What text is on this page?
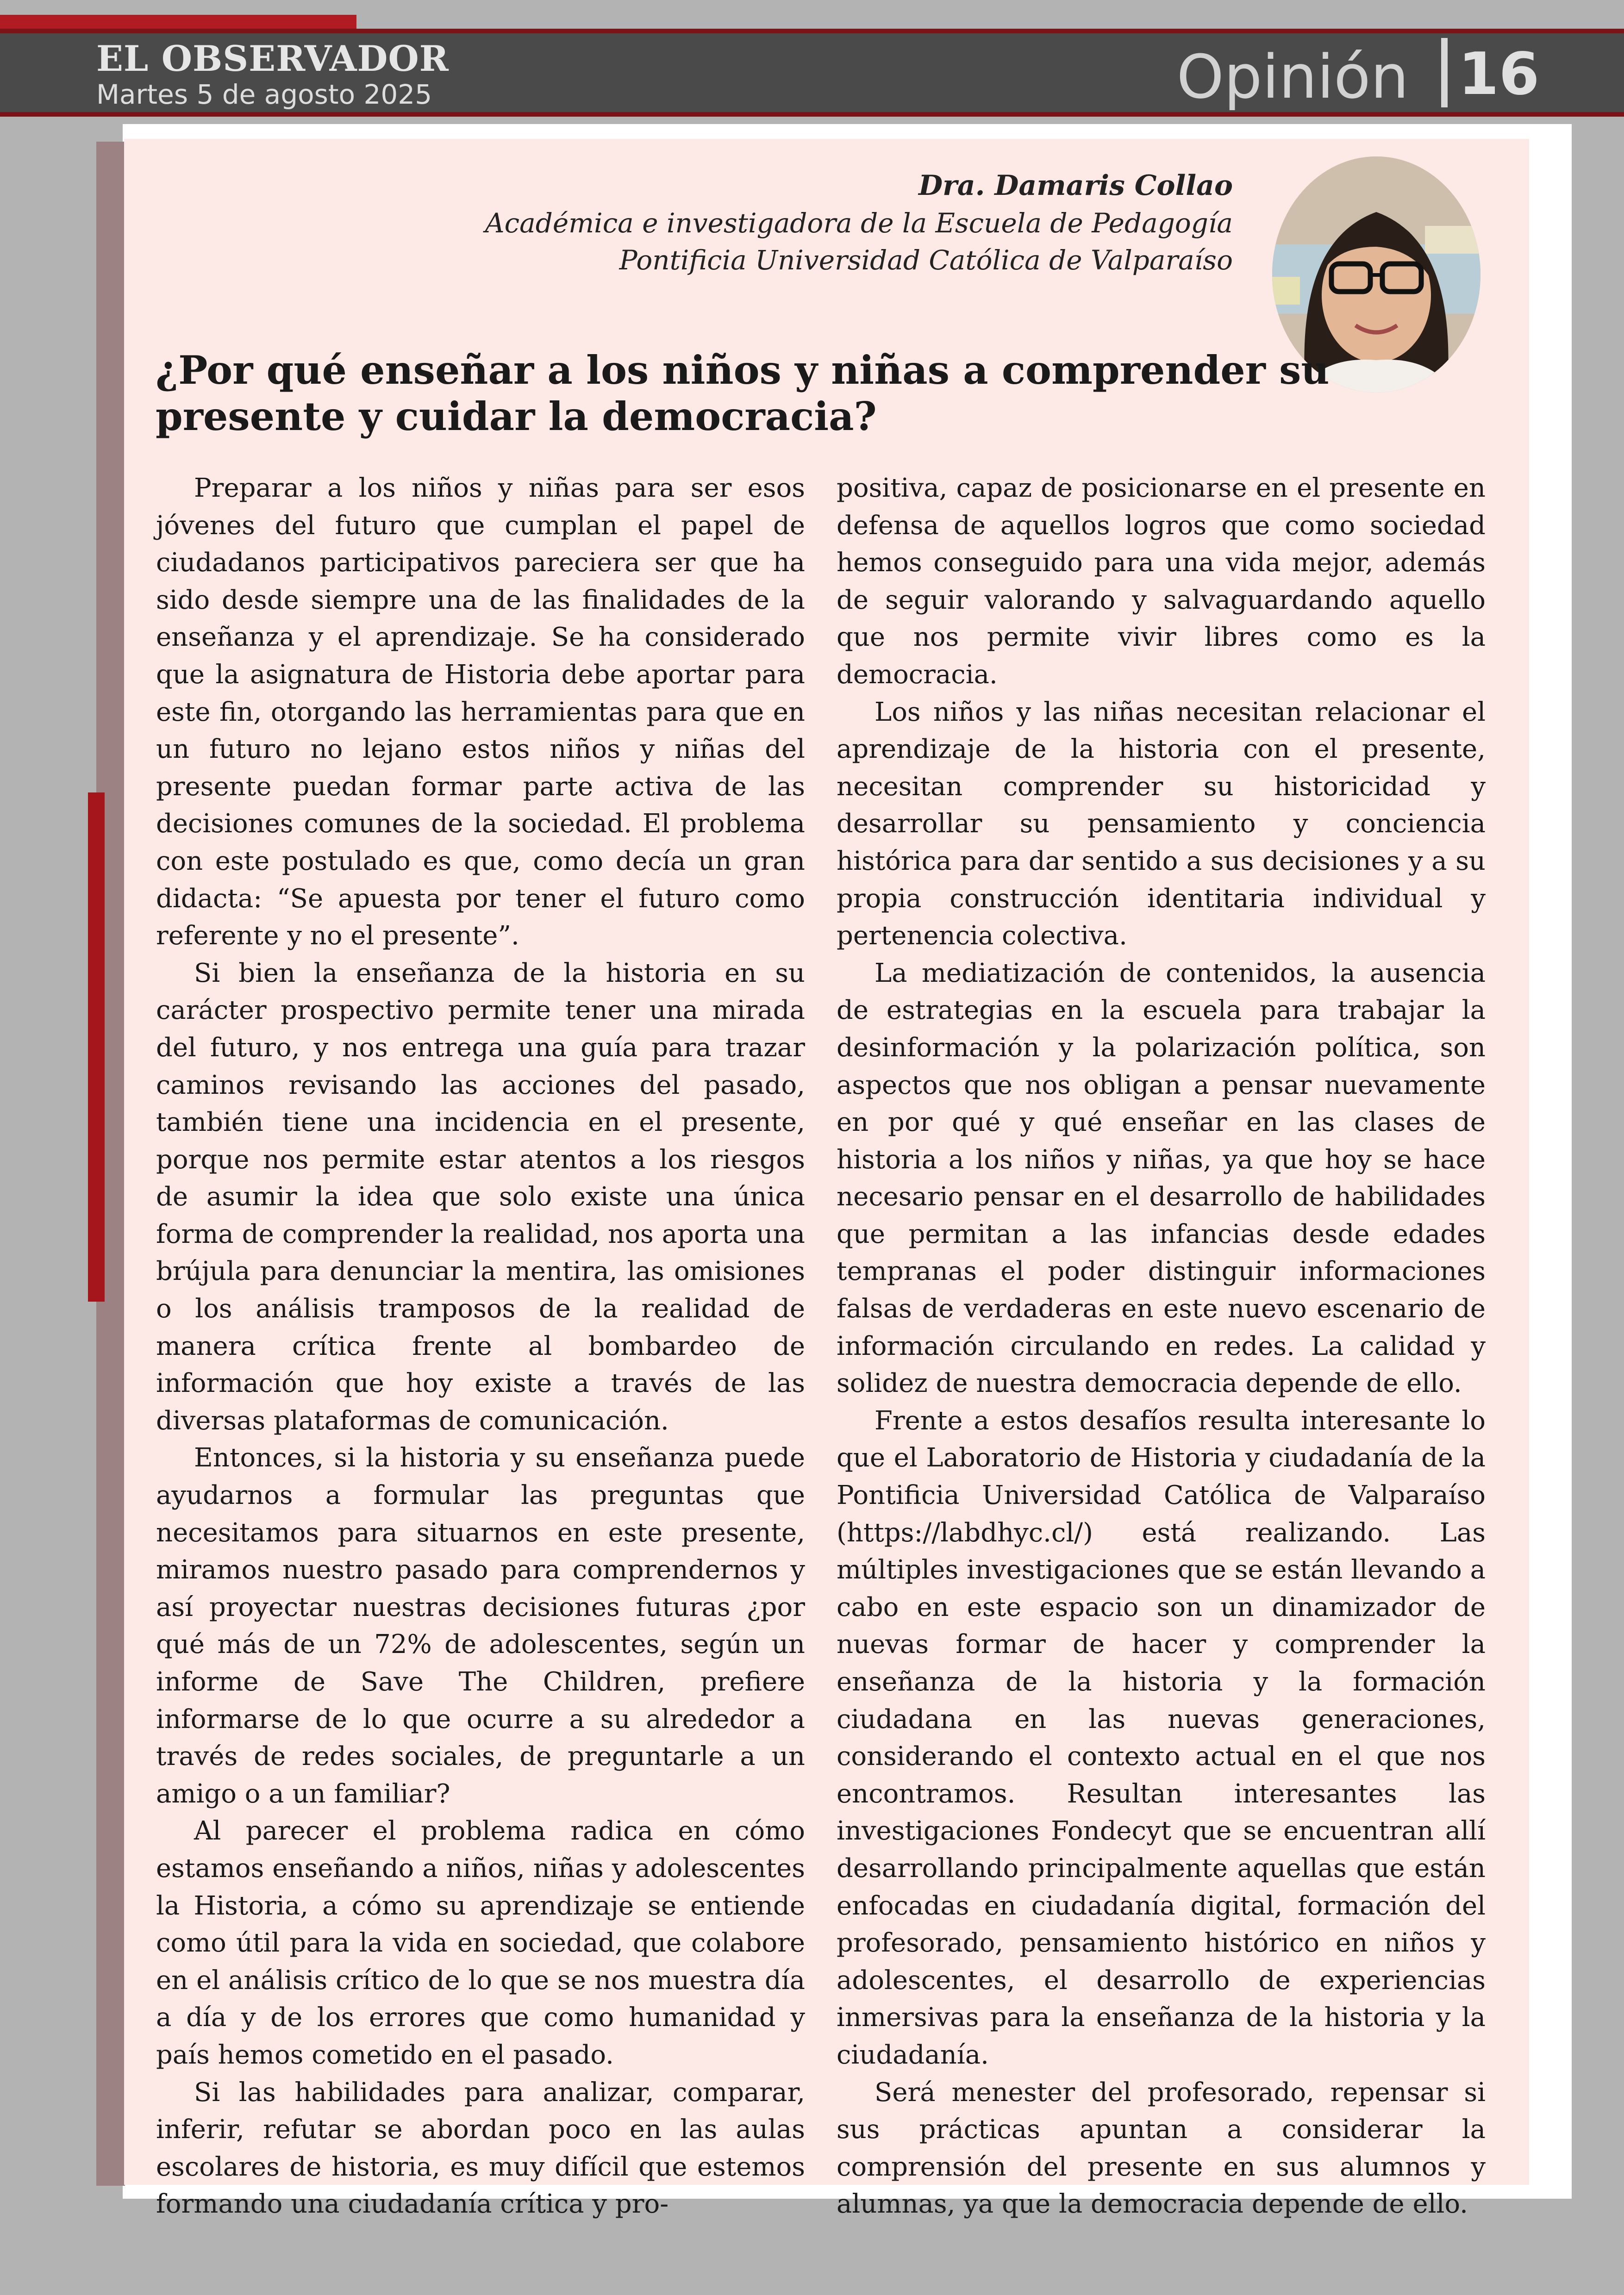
EL OBSERVADOR
Martes 5 de agosto 2025	Opinión 16
Dra. Damaris Collao
Académica e investigadora de la Escuela de Pedagogía
Pontificia Universidad Católica de Valparaíso
¿Por qué enseñar a los niños y niñas a comprender su presente y cuidar la democracia?

Preparar a los niños y niñas para ser esos jóvenes del futuro que cumplan el papel de ciudadanos participativos pareciera ser que ha sido desde siempre una de las finalidades de la enseñanza y el aprendizaje. Se ha considerado que la asignatura de Historia debe aportar para este fin, otorgando las herramientas para que en un futuro no lejano estos niños y niñas del presente puedan formar parte activa de las decisiones comunes de la sociedad. El problema con este postulado es que, como decía un gran didacta: “Se apuesta por tener el futuro como referente y no el presente”.

Si bien la enseñanza de la historia en su carácter prospectivo permite tener una mirada del futuro, y nos entrega una guía para trazar caminos revisando las acciones del pasado, también tiene una incidencia en el presente, porque nos permite estar atentos a los riesgos de asumir la idea que solo existe una única forma de comprender la realidad, nos aporta una brújula para denunciar la mentira, las omisiones o los análisis tramposos de la realidad de manera crítica frente al bombardeo de información que hoy existe a través de las diversas plataformas de comunicación.

Entonces, si la historia y su enseñanza puede ayudarnos a formular las preguntas que necesitamos para situarnos en este presente, miramos nuestro pasado para comprendernos y así proyectar nuestras decisiones futuras ¿por qué más de un 72% de adolescentes, según un informe de Save The Children, prefiere informarse de lo que ocurre a su alrededor a través de redes sociales, de preguntarle a un amigo o a un familiar?

Al parecer el problema radica en cómo estamos enseñando a niños, niñas y adolescentes la Historia, a cómo su aprendizaje se entiende como útil para la vida en sociedad, que colabore en el análisis crítico de lo que se nos muestra día a día y de los errores que como humanidad y país hemos cometido en el pasado.

Si las habilidades para analizar, comparar, inferir, refutar se abordan poco en las aulas escolares de historia, es muy difícil que estemos formando una ciudadanía crítica y pro-

positiva, capaz de posicionarse en el presente en defensa de aquellos logros que como sociedad hemos conseguido para una vida mejor, además de seguir valorando y salvaguardando aquello que nos permite vivir libres como es la democracia.

Los niños y las niñas necesitan relacionar el aprendizaje de la historia con el presente, necesitan comprender su historicidad y desarrollar su pensamiento y conciencia histórica para dar sentido a sus decisiones y a su propia construcción identitaria individual y pertenencia colectiva.

La mediatización de contenidos, la ausencia de estrategias en la escuela para trabajar la desinformación y la polarización política, son aspectos que nos obligan a pensar nuevamente en por qué y qué enseñar en las clases de historia a los niños y niñas, ya que hoy se hace necesario pensar en el desarrollo de habilidades que permitan a las infancias desde edades tempranas el poder distinguir informaciones falsas de verdaderas en este nuevo escenario de información circulando en redes. La calidad y solidez de nuestra democracia depende de ello.

Frente a estos desafíos resulta interesante lo que el Laboratorio de Historia y ciudadanía de la Pontificia Universidad Católica de Valparaíso (https://labdhyc.cl/) está realizando. Las múltiples investigaciones que se están llevando a cabo en este espacio son un dinamizador de nuevas formar de hacer y comprender la enseñanza de la historia y la formación ciudadana en las nuevas generaciones, considerando el contexto actual en el que nos encontramos. Resultan interesantes las investigaciones Fondecyt que se encuentran allí desarrollando principalmente aquellas que están enfocadas en ciudadanía digital, formación del profesorado, pensamiento histórico en niños y adolescentes, el desarrollo de experiencias inmersivas para la enseñanza de la historia y la ciudadanía.

Será menester del profesorado, repensar si sus prácticas apuntan a considerar la comprensión del presente en sus alumnos y alumnas, ya que la democracia depende de ello.
